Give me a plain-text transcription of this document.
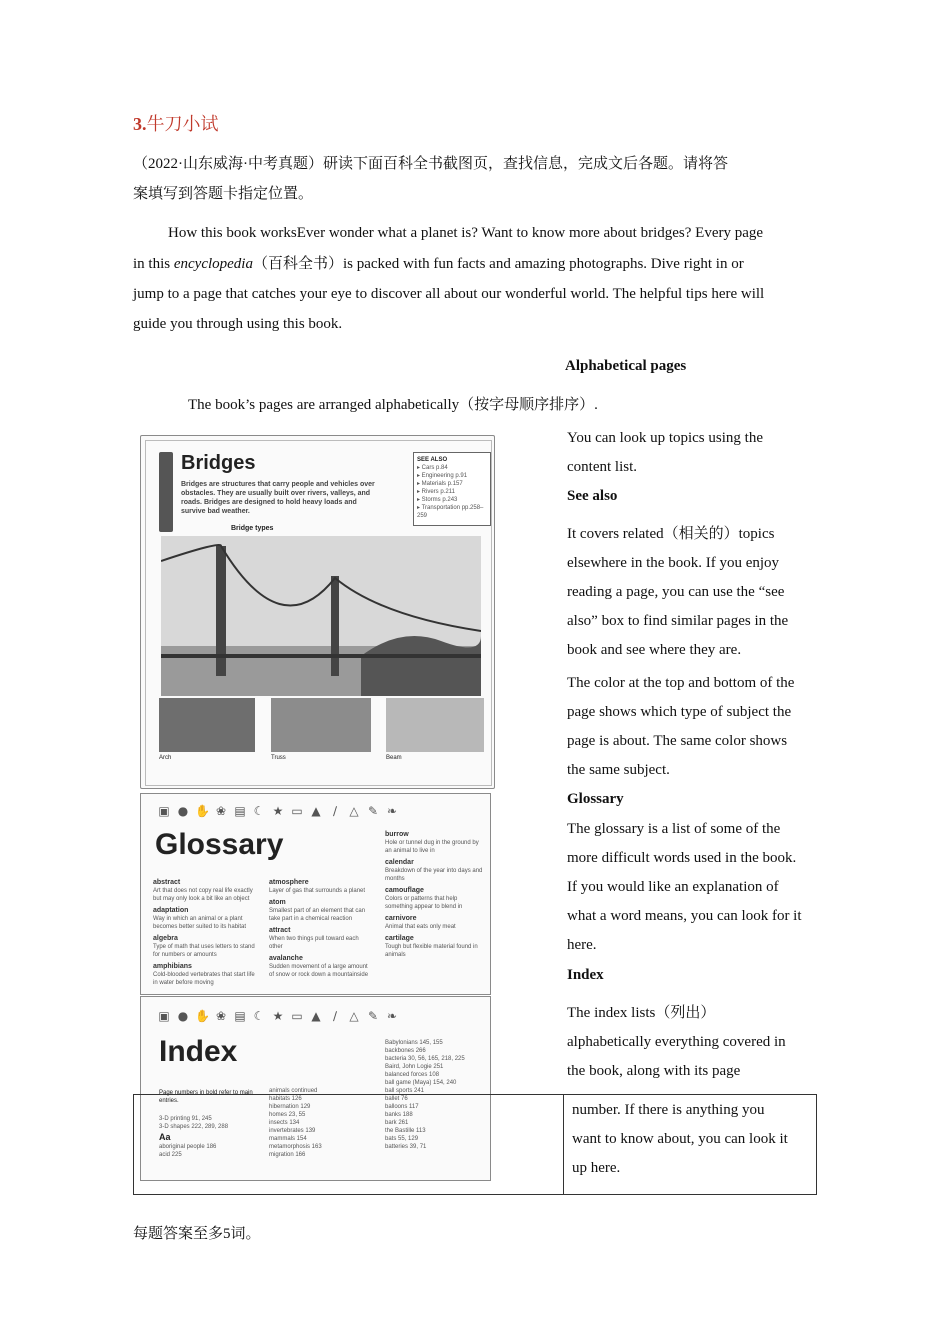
3.牛刀小试
（2022·山东威海·中考真题）研读下面百科全书截图页，查找信息，完成文后各题。请将答
案填写到答题卡指定位置。
How this book worksEver wonder what a planet is? Want to know more about bridges? Every page
in this encyclopedia（百科全书）is packed with fun facts and amazing photographs. Dive right in or
jump to a page that catches your eye to discover all about our wonderful world. The helpful tips here will
guide you through using this book.
Alphabetical pages
The book’s pages are arranged alphabetically（按字母顺序排序）.
You can look up topics using the
content list.
See also
It covers related（相关的）topics
elsewhere in the book. If you enjoy
reading a page, you can use the “see
also” box to find similar pages in the
book and see where they are.
The color at the top and bottom of the
page shows which type of subject the
page is about. The same color shows
the same subject.
Glossary
The glossary is a list of some of the
more difficult words used in the book.
If you would like an explanation of
what a word means, you can look for it
here.
Index
The index lists（列出）
alphabetically everything covered in
the book, along with its page
Bridges
Bridges are structures that carry people and vehicles over obstacles. They are usually built over rivers, valleys, and roads. Bridges are designed to hold heavy loads and survive bad weather.
SEE ALSO
▸ Cars p.84
▸ Engineering p.91
▸ Materials p.157
▸ Rivers p.211
▸ Storms p.243
▸ Transportation pp.258–259
Bridge types

Arch	Truss	Beam
▣ ● ✋ ❀ ▤ ☾ ★ ▭ ▲ ∕ △ ✎ ❧
Glossary
abstract
Art that does not copy real life exactly but may only look a bit like an object
adaptation
Way in which an animal or a plant becomes better suited to its habitat
algebra
Type of math that uses letters to stand for numbers or amounts
amphibians
Cold-blooded vertebrates that start life in water before moving
atmosphere
Layer of gas that surrounds a planet
atom
Smallest part of an element that can take part in a chemical reaction
attract
When two things pull toward each other
avalanche
Sudden movement of a large amount of snow or rock down a mountainside
burrow
Hole or tunnel dug in the ground by an animal to live in
calendar
Breakdown of the year into days and months
camouflage
Colors or patterns that help something appear to blend in
carnivore
Animal that eats only meat
cartilage
Tough but flexible material found in animals
▣ ● ✋ ❀ ▤ ☾ ★ ▭ ▲ ∕ △ ✎ ❧
Index
Page numbers in bold refer to main entries.
3-D printing 91, 245
3-D shapes 222, 289, 288
Aa
aboriginal people 186
acid 225
animals continued
habitats 126
hibernation 129
homes 23, 55
insects 134
invertebrates 139
mammals 154
metamorphosis 163
migration 166
Babylonians 145, 155
backbones 266
bacteria 30, 56, 165, 218, 225
Baird, John Logie 251
balanced forces 108
ball game (Maya) 154, 240
ball sports 241
ballet 76
balloons 117
banks 188
bark 261
the Bastille 113
bats 55, 129
batteries 39, 71
number. If there is anything you
want to know about, you can look it
up here.
每题答案至多5词。
